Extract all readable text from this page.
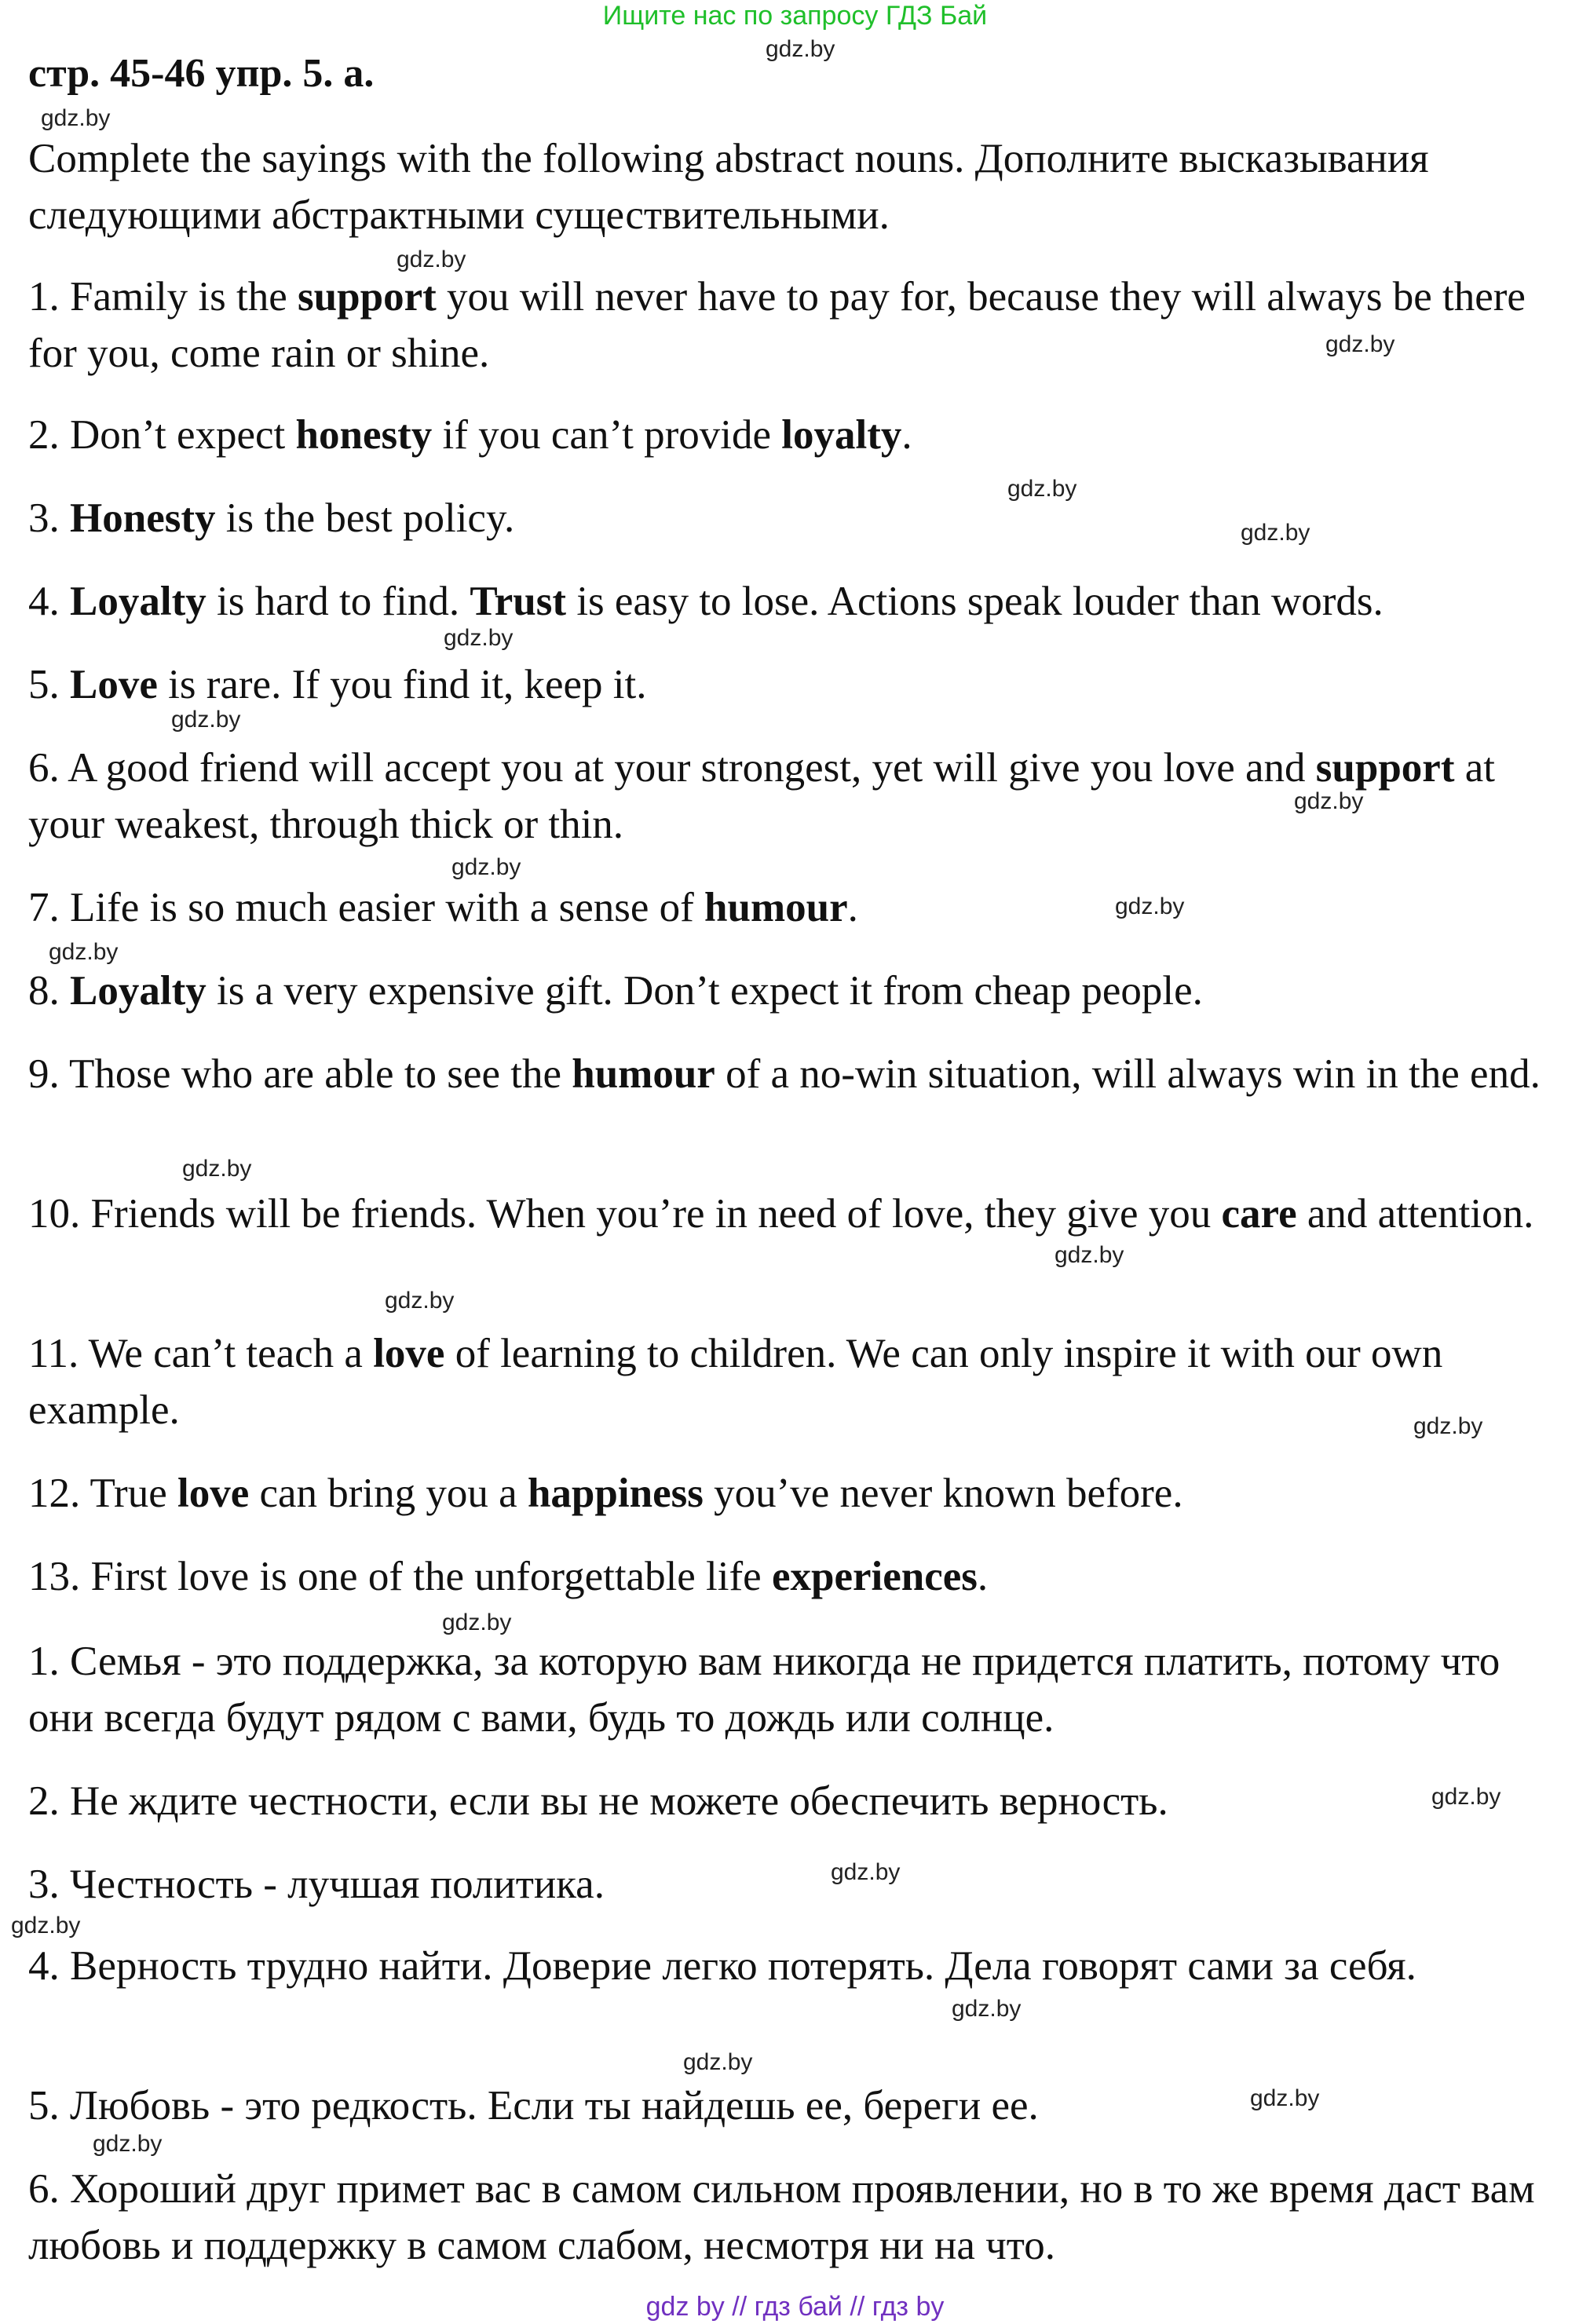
Ищите нас по запросу ГДЗ Бай
стр. 45-46 упр. 5. а.

Complete the sayings with the following abstract nouns. Дополните высказывания следующими абстрактными существительными.

1. Family is the support you will never have to pay for, because they will always be there for you, come rain or shine.

2. Don’t expect honesty if you can’t provide loyalty.

3. Honesty is the best policy.

4. Loyalty is hard to find. Trust is easy to lose. Actions speak louder than words.

5. Love is rare. If you find it, keep it.

6. A good friend will accept you at your strongest, yet will give you love and support at your weakest, through thick or thin.

7. Life is so much easier with a sense of humour.

8. Loyalty is a very expensive gift. Don’t expect it from cheap people.

9. Those who are able to see the humour of a no-win situation, will always win in the end.

10. Friends will be friends. When you’re in need of love, they give you care and attention.

11. We can’t teach a love of learning to children. We can only inspire it with our own example.

12. True love can bring you a happiness you’ve never known before.

13. First love is one of the unforgettable life experiences.

1. Семья - это поддержка, за которую вам никогда не придется платить, потому что они всегда будут рядом с вами, будь то дождь или солнце.

2. Не ждите честности, если вы не можете обеспечить верность.

3. Честность - лучшая политика.

4. Верность трудно найти. Доверие легко потерять. Дела говорят сами за себя.

5. Любовь - это редкость. Если ты найдешь ее, береги ее.

6. Хороший друг примет вас в самом сильном проявлении, но в то же время даст вам любовь и поддержку в самом слабом, несмотря ни на что.

gdz.by
gdz.by
gdz.by
gdz.by
gdz.by
gdz.by
gdz.by
gdz.by
gdz.by
gdz.by
gdz.by
gdz.by
gdz.by
gdz.by
gdz.by
gdz.by
gdz.by
gdz.by
gdz.by
gdz.by
gdz.by
gdz.by
gdz.by
gdz.by
gdz by // гдз бай // гдз by
